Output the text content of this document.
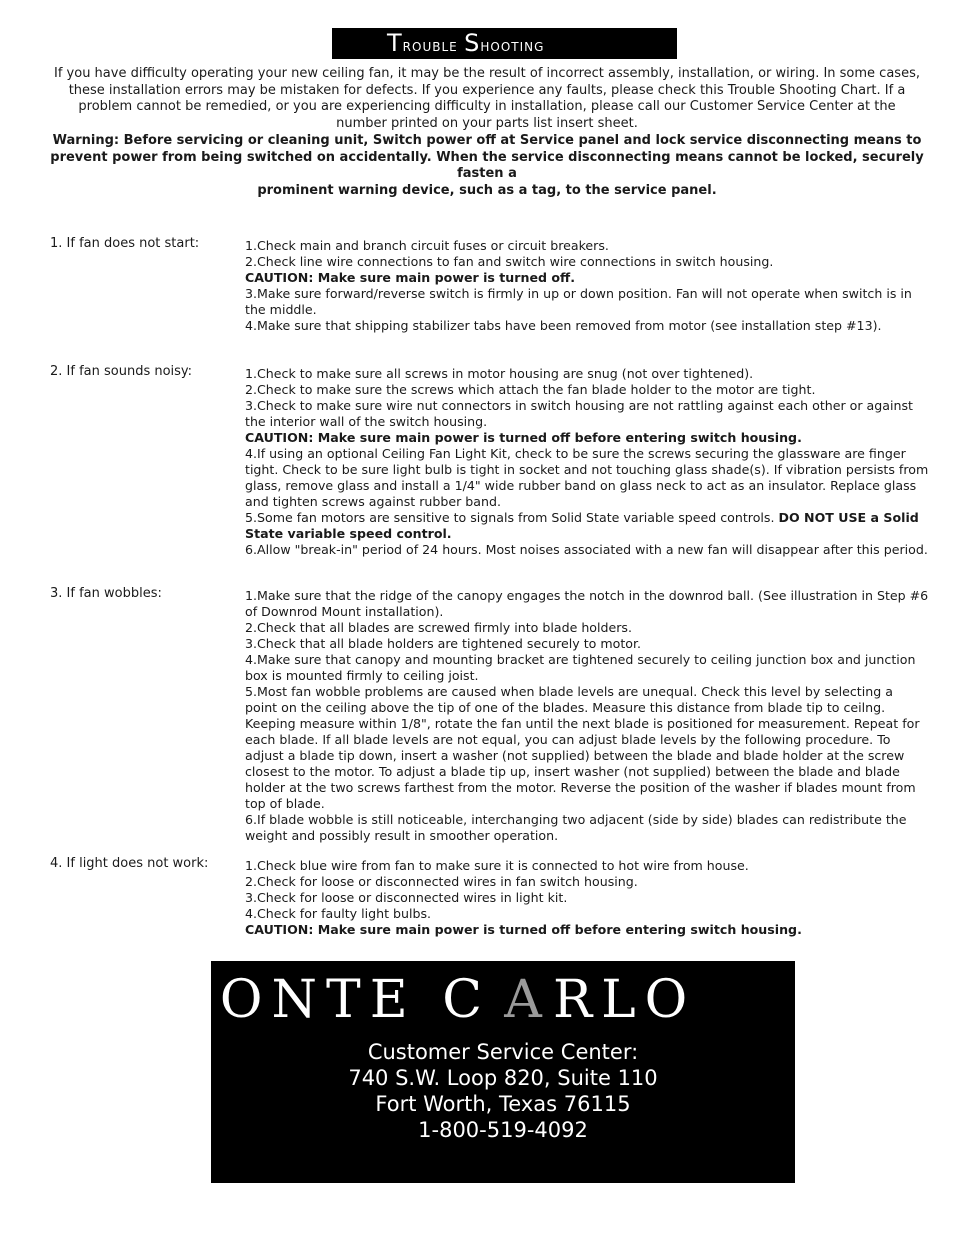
Trouble Shooting

If you have difficulty operating your new ceiling fan, it may be the result of incorrect assembly, installation, or wiring. In some cases, these installation errors may be mistaken for defects. If you experience any faults, please check this Trouble Shooting Chart. If a problem cannot be remedied, or you are experiencing difficulty in installation, please call our Customer Service Center at the

number printed on your parts list insert sheet.

Warning: Before servicing or cleaning unit, Switch power off at Service panel and lock service disconnecting means to prevent power from being switched on accidentally. When the service disconnecting means cannot be locked, securely fasten a

prominent warning device, such as a tag, to the service panel.

1. If fan does not start:	1.Check main and branch circuit fuses or circuit breakers.
2.Check line wire connections to fan and switch wire connections in switch housing.
CAUTION: Make sure main power is turned off.
3.Make sure forward/reverse switch is firmly in up or down position. Fan will not operate when switch is in the middle.
4.Make sure that shipping stabilizer tabs have been removed from motor (see installation step #13).
2. If fan sounds noisy:	1.Check to make sure all screws in motor housing are snug (not over tightened).
2.Check to make sure the screws which attach the fan blade holder to the motor are tight.
3.Check to make sure wire nut connectors in switch housing are not rattling against each other or against the interior wall of the switch housing.
CAUTION: Make sure main power is turned off before entering switch housing.
4.If using an optional Ceiling Fan Light Kit, check to be sure the screws securing the glassware are finger tight. Check to be sure light bulb is tight in socket and not touching glass shade(s). If vibration persists from glass, remove glass and install a 1/4" wide rubber band on glass neck to act as an insulator. Replace glass and tighten screws against rubber band.
5.Some fan motors are sensitive to signals from Solid State variable speed controls. DO NOT USE a Solid State variable speed control.
6.Allow "break-in" period of 24 hours. Most noises associated with a new fan will disappear after this period.
3. If fan wobbles:	1.Make sure that the ridge of the canopy engages the notch in the downrod ball. (See illustration in Step #6 of Downrod Mount installation).
2.Check that all blades are screwed firmly into blade holders.
3.Check that all blade holders are tightened securely to motor.
4.Make sure that canopy and mounting bracket are tightened securely to ceiling junction box and junction box is mounted firmly to ceiling joist.
5.Most fan wobble problems are caused when blade levels are unequal. Check this level by selecting a point on the ceiling above the tip of one of the blades. Measure this distance from blade tip to ceilng. Keeping measure within 1/8", rotate the fan until the next blade is positioned for measurement. Repeat for each blade. If all blade levels are not equal, you can adjust blade levels by the following procedure. To adjust a blade tip down, insert a washer (not supplied) between the blade and blade holder at the screw closest to the motor. To adjust a blade tip up, insert washer (not supplied) between the blade and blade holder at the two screws farthest from the motor. Reverse the position of the washer if blades mount from top of blade.
6.If blade wobble is still noticeable, interchanging two adjacent (side by side) blades can redistribute the weight and possibly result in smoother operation.
4. If light does not work:	1.Check blue wire from fan to make sure it is connected to hot wire from house.
2.Check for loose or disconnected wires in fan switch housing.
3.Check for loose or disconnected wires in light kit.
4.Check for faulty light bulbs.
CAUTION: Make sure main power is turned off before entering switch housing.
MONTE C A RLO
Customer Service Center:
740 S.W. Loop 820, Suite 110
Fort Worth, Texas 76115
1-800-519-4092
